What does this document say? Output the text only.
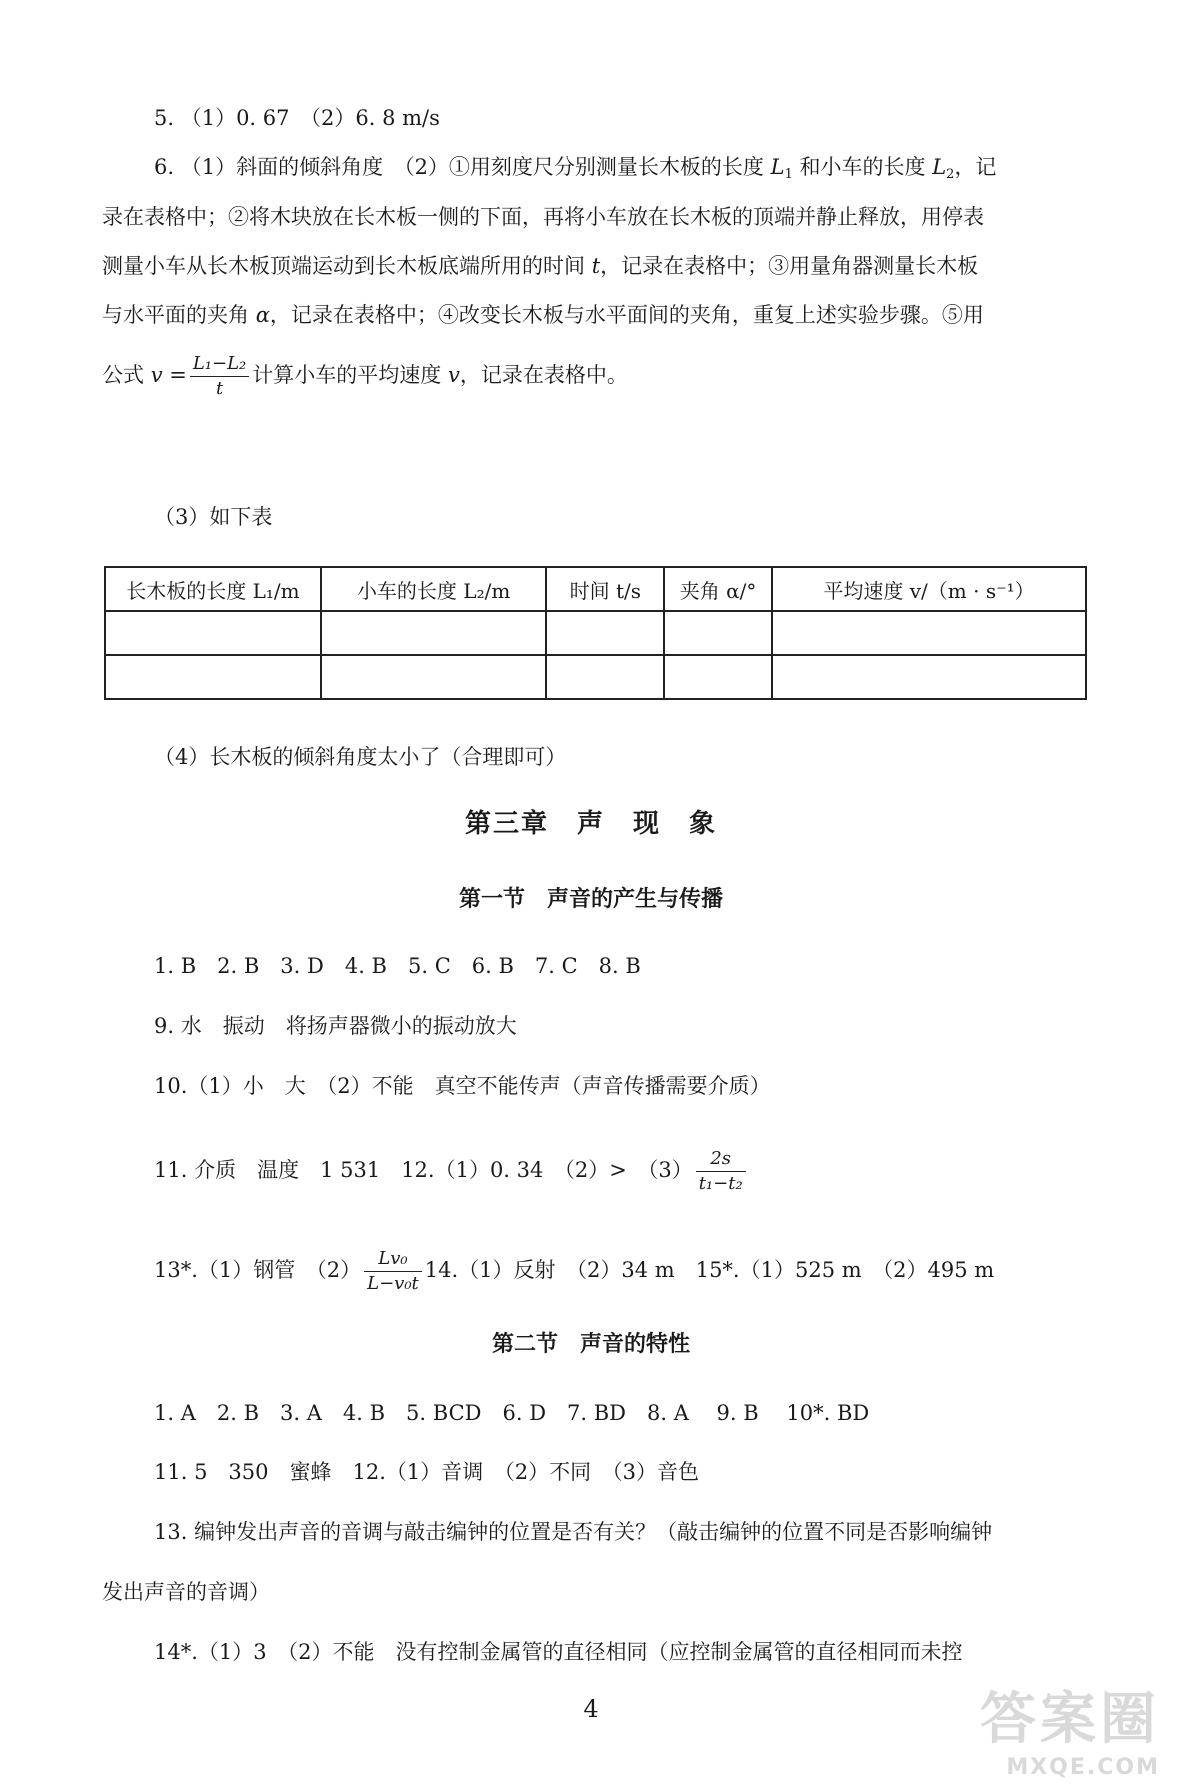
5. （1）0. 67　（2）6. 8 m/s
6. （1）斜面的倾斜角度　（2）①用刻度尺分别测量长木板的长度 $L_1$ 和小车的长度 $L_2$，记
录在表格中；②将木块放在长木板一侧的下面，再将小车放在长木板的顶端并静止释放，用停表
测量小车从长木板顶端运动到长木板底端所用的时间 t，记录在表格中；③用量角器测量长木板
与水平面的夹角 α，记录在表格中；④改变长木板与水平面间的夹角，重复上述实验步骤。⑤用
公式 $v = \frac{\text{L₁−L₂}}{t}$ 计算小车的平均速度 v，记录在表格中。
（3）如下表
长木板的长度 L₁/m	小车的长度 L₂/m	时间 t/s	夹角 α/°	平均速度 v/（m · s⁻¹）

（4）长木板的倾斜角度太小了（合理即可）
第三章　声　现　象
第一节　声音的产生与传播
1. B　2. B　3. D　4. B　5. C　6. B　7. C　8. B
9. 水　振动　将扬声器微小的振动放大
10.（1）小　大　（2）不能　真空不能传声（声音传播需要介质）
11. 介质　温度　1 531　12.（1）0. 34　（2）>　$(3) \frac{2s}{\text{t₁−t₂}}$
13*.（1）钢管　$(2) \frac{\text{Lv₀}}{\text{L−v₀t}} 14.(1)$反射　（2）34 m　15*.（1）525 m　（2）495 m
第二节　声音的特性
1. A　2. B　3. A　4. B　5. BCD　6. D　7. BD　8. A　 9. B　 10*. BD
11. 5　350　蜜蜂　12.（1）音调　（2）不同　（3）音色
13. 编钟发出声音的音调与敲击编钟的位置是否有关？（敲击编钟的位置不同是否影响编钟
发出声音的音调）
14*.（1）3　（2）不能　没有控制金属管的直径相同（应控制金属管的直径相同而未控
4	答案圈
MXQE.COM
